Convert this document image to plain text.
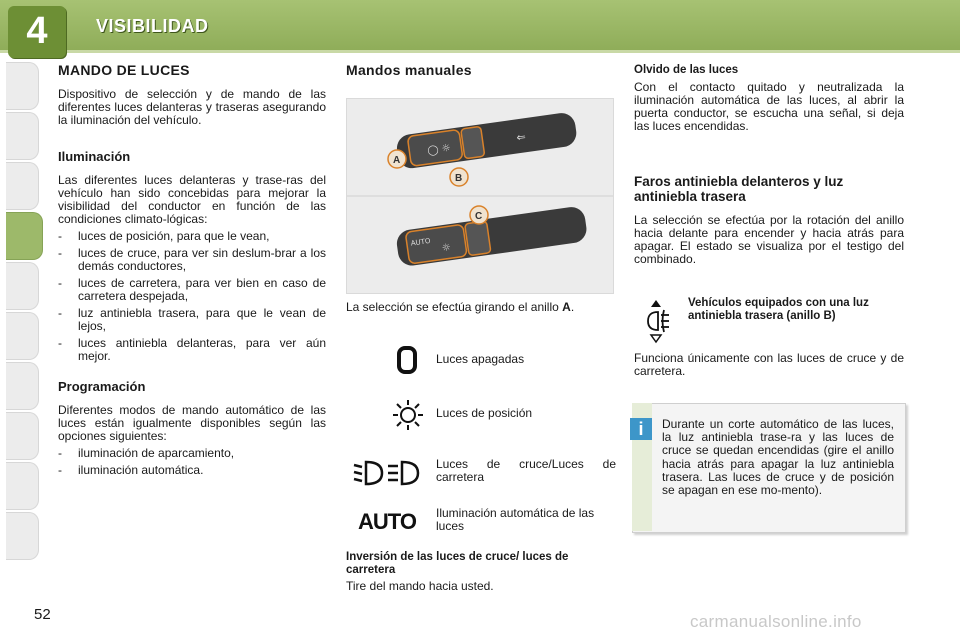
4	VISIBILIDAD
MANDO DE LUCES

Dispositivo de selección y de mando de las diferentes luces delanteras y traseras asegurando la iluminación del vehículo.

Iluminación

Las diferentes luces delanteras y trase-ras del vehículo han sido concebidas para mejorar la visibilidad del conductor en función de las condiciones climato-lógicas:

- luces de posición, para que le vean,
- luces de cruce, para ver sin deslum-brar a los demás conductores,
- luces de carretera, para ver bien en caso de carretera despejada,
- luz antiniebla trasera, para que le vean de lejos,
- luces antiniebla delanteras, para ver aún mejor.
Programación

Diferentes modos de mando automático de las luces están igualmente disponibles según las opciones siguientes:

- iluminación de aparcamiento,
- iluminación automática.
Mandos manuales
◯ ☼
⇐
A
B
AUTO ☼
C

La selección se efectúa girando el anillo A.

Luces apagadas
Luces de posición
Luces de cruce/Luces de carretera
AUTO	Iluminación automática de las luces

Inversión de las luces de cruce/ luces de carretera

Tire del mando hacia usted.

Olvido de las luces

Con el contacto quitado y neutralizada la iluminación automática de las luces, al abrir la puerta conductor, se escucha una señal, si deja las luces encendidas.

Faros antiniebla delanteros y luz antiniebla trasera

La selección se efectúa por la rotación del anillo hacia delante para encender y hacia atrás para apagar. El estado se visualiza por el testigo del combinado.

Vehículos equipados con una luz antiniebla trasera (anillo B)

Funciona únicamente con las luces de cruce y de carretera.

i	Durante un corte automático de las luces, la luz antiniebla trase-ra y las luces de cruce se quedan encendidas (gire el anillo hacia atrás para apagar la luz antiniebla trasera. Las luces de cruce y de posición se apagan en ese mo-mento).

52	carmanualsonline.info
